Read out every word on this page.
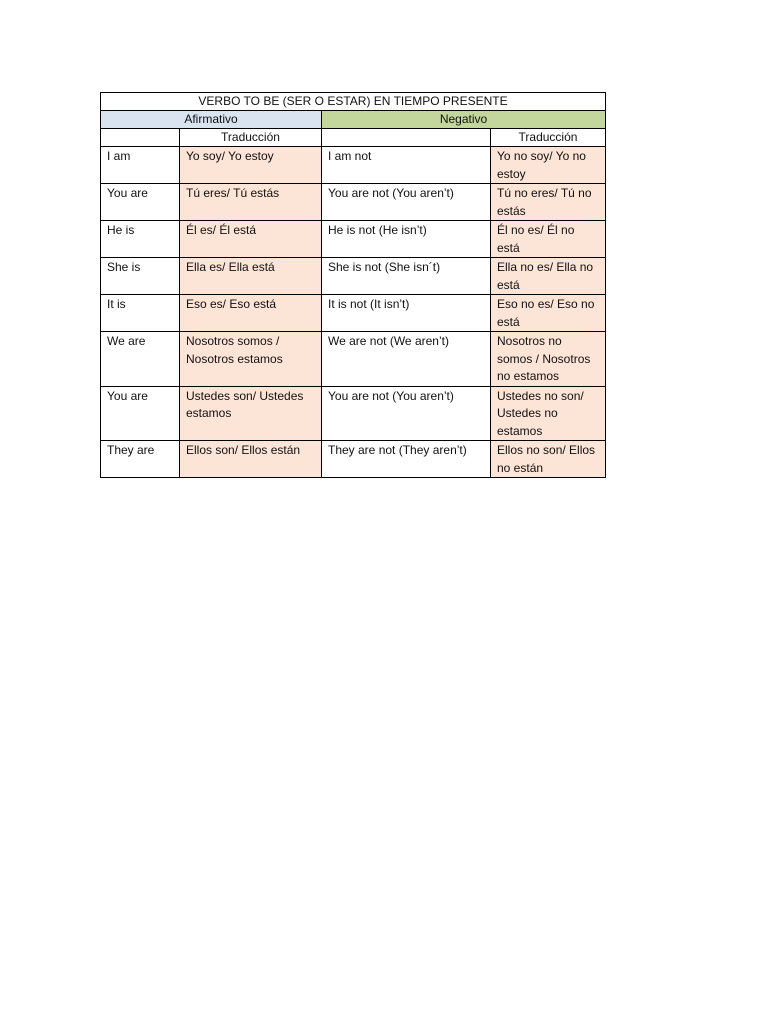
VERBO TO BE (SER O ESTAR) EN TIEMPO PRESENTE			
Afirmativo		Negativo	
	Traducción		Traducción
I am	Yo soy/ Yo estoy	I am not	Yo no soy/ Yo no estoy
You are	Tú eres/ Tú estás	You are not (You aren’t)	Tú no eres/ Tú no estás
He is	Él es/ Él está	He is not (He isn’t)	Él no es/ Él no está
She is	Ella es/ Ella está	She is not (She isn´t)	Ella no es/ Ella no está
It is	Eso es/ Eso está	It is not (It isn’t)	Eso no es/ Eso no está
We are	Nosotros somos / Nosotros estamos	We are not (We aren’t)	Nosotros no somos / Nosotros no estamos
You are	Ustedes son/ Ustedes estamos	You are not (You aren’t)	Ustedes no son/ Ustedes no estamos
They are	Ellos son/ Ellos están	They are not (They aren’t)	Ellos no son/ Ellos no están
